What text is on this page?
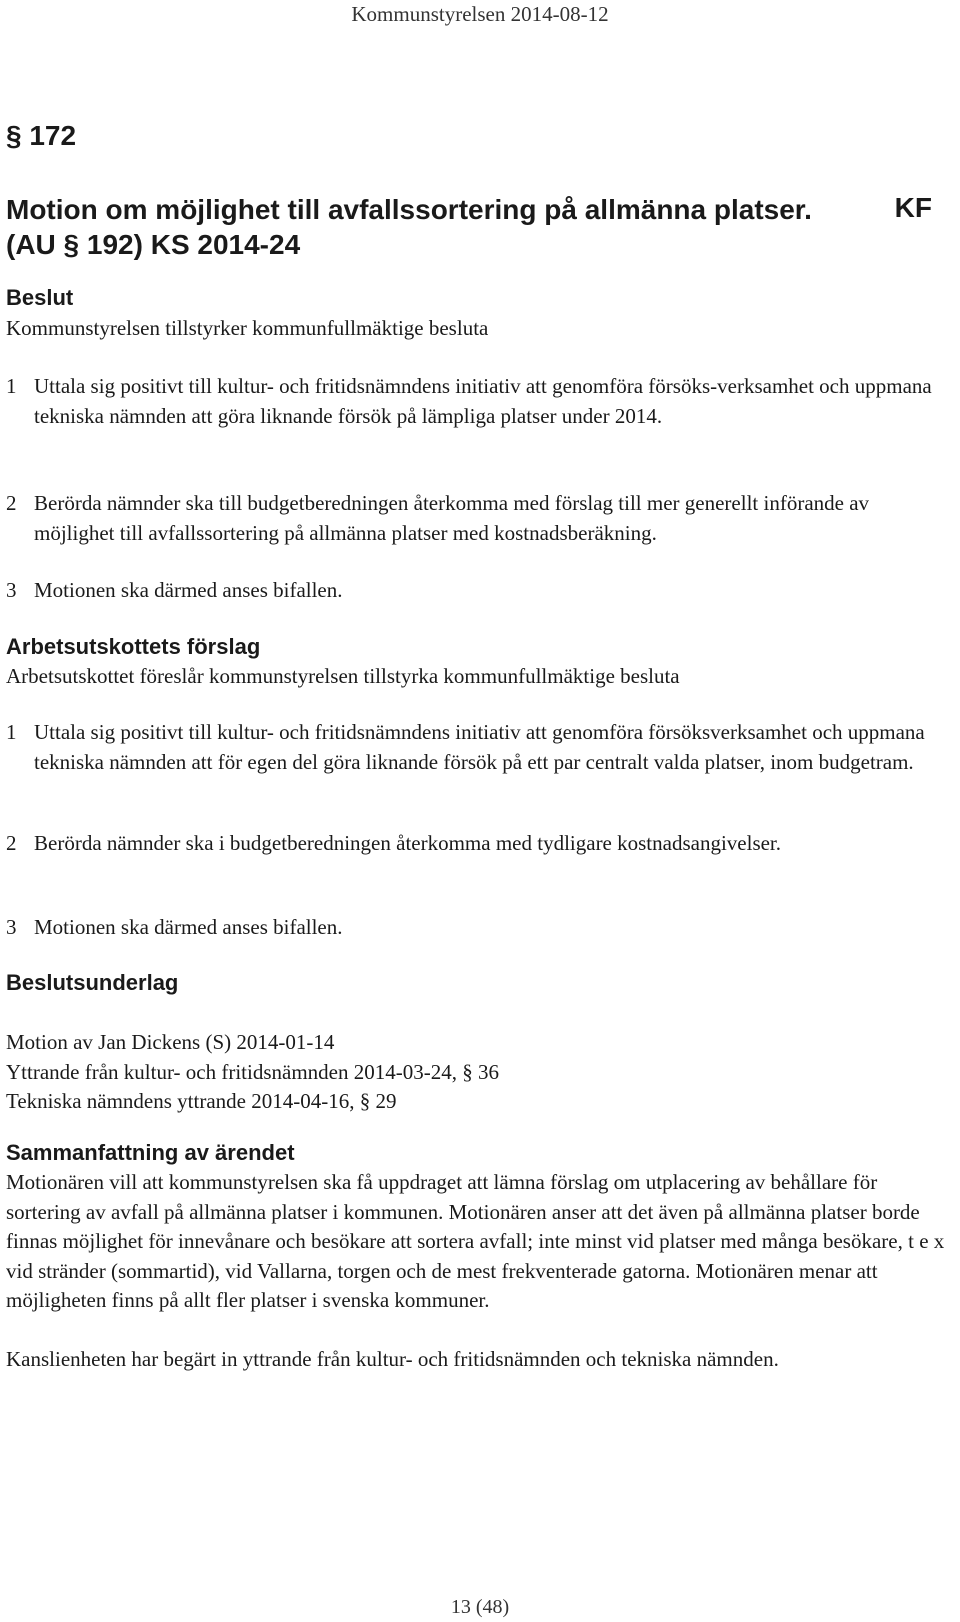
Kommunstyrelsen 2014-08-12
§ 172
Motion om möjlighet till avfallssortering på allmänna platser. (AU § 192) KS 2014-24
KF
Beslut
Kommunstyrelsen tillstyrker kommunfullmäktige besluta
1 Uttala sig positivt till kultur- och fritidsnämndens initiativ att genomföra försöks-verksamhet och uppmana tekniska nämnden att göra liknande försök på lämpliga platser under 2014.
2 Berörda nämnder ska till budgetberedningen återkomma med förslag till mer generellt införande av möjlighet till avfallssortering på allmänna platser med kostnadsberäkning.
3 Motionen ska därmed anses bifallen.
Arbetsutskottets förslag
Arbetsutskottet föreslår kommunstyrelsen tillstyrka kommunfullmäktige besluta
1 Uttala sig positivt till kultur- och fritidsnämndens initiativ att genomföra försöksverksamhet och uppmana tekniska nämnden att för egen del göra liknande försök på ett par centralt valda platser, inom budgetram.
2 Berörda nämnder ska i budgetberedningen återkomma med tydligare kostnadsangivelser.
3 Motionen ska därmed anses bifallen.
Beslutsunderlag
Motion av Jan Dickens (S) 2014-01-14
Yttrande från kultur- och fritidsnämnden 2014-03-24, § 36
Tekniska nämndens yttrande 2014-04-16, § 29
Sammanfattning av ärendet
Motionären vill att kommunstyrelsen ska få uppdraget att lämna förslag om utplacering av behållare för sortering av avfall på allmänna platser i kommunen. Motionären anser att det även på allmänna platser borde finnas möjlighet för innevånare och besökare att sortera avfall; inte minst vid platser med många besökare, t e x vid stränder (sommartid), vid Vallarna, torgen och de mest frekventerade gatorna. Motionären menar att möjligheten finns på allt fler platser i svenska kommuner.
Kanslienheten har begärt in yttrande från kultur- och fritidsnämnden och tekniska nämnden.
13 (48)
